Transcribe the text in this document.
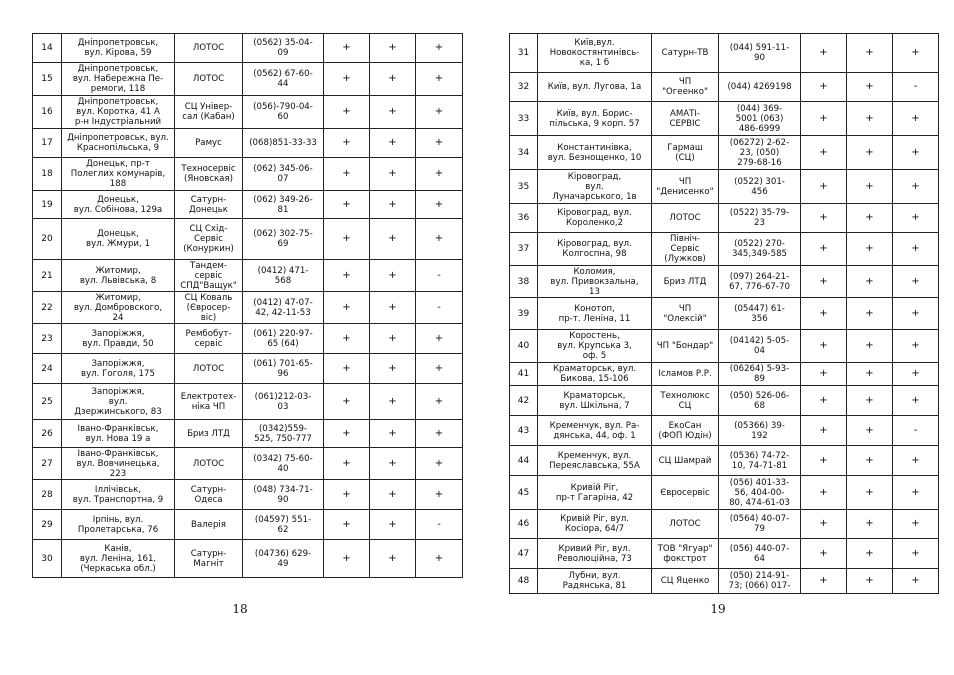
14	Дніпропетровськ,
вул. Кірова, 59	ЛОТОС	(0562) 35-04-
09	+	+	+
15	Дніпропетровськ,
вул. Набережна Пе-
ремоги, 118	ЛОТОС	(0562) 67-60-
44	+	+	+
16	Дніпропетровськ,
вул. Коротка, 41 А
р-н Індустріальний	СЦ Універ-
сал (Кабан)	(056)-790-04-
60	+	+	+
17	Дніпропетровськ, вул.
Краснопільська, 9	Рамус	(068)851-33-33	+	+	+
18	Донецьк, пр-т
Полеглих комунарів,
188	Техносервіс
(Яновская)	(062) 345-06-
07	+	+	+
19	Донецьк,
вул. Собінова, 129а	Сатурн-
Донецьк	(062) 349-26-
81	+	+	+
20	Донецьк,
вул. Жмури, 1	СЦ Схід-
Сервіс
(Конуркин)	(062) 302-75-
69	+	+	+
21	Житомир,
вул. Львівська, 8	Тандем-
сервіс
СПД"Ващук"	(0412) 471-
568	+	+	-
22	Житомир,
вул. Домбровского,
24	СЦ Коваль
(Євросер-
віс)	(0412) 47-07-
42, 42-11-53	+	+	-
23	Запоріжжя,
вул. Правди, 50	Рембобут-
сервіс	(061) 220-97-
65 (64)	+	+	+
24	Запоріжжя,
вул. Гоголя, 175	ЛОТОС	(061) 701-65-
96	+	+	+
25	Запоріжжя,
вул.
Дзержинського, 83	Електротех-
ніка ЧП	(061)212-03-
03	+	+	+
26	Івано-Франківськ,
вул. Нова 19 а	Бриз ЛТД	(0342)559-
525, 750-777	+	+	+
27	Івано-Франківськ,
вул. Вовчинецька,
223	ЛОТОС	(0342) 75-60-
40	+	+	+
28	Іллічівськ,
вул. Транспортна, 9	Сатурн-
Одеса	(048) 734-71-
90	+	+	+
29	Ірпінь, вул.
Пролетарська, 76	Валерія	(04597) 551-
62	+	+	-
30	Канів,
вул. Леніна, 161,
(Черкаська обл.)	Сатурн-
Магніт	(04736) 629-
49	+	+	+
31	Київ,вул.
Новокостянтинівсь-
ка, 1 б	Сатурн-ТВ	(044) 591-11-
90	+	+	+
32	Київ, вул. Лугова, 1а	ЧП
"Огеенко"	(044) 4269198	+	+	-
33	Київ, вул. Борис-
пільська, 9 корп. 57	АМАТІ-
СЕРВІС	(044) 369-
5001 (063)
486-6999	+	+	+
34	Константинівка,
вул. Безнощенко, 10	Гармаш
(СЦ)	(06272) 2-62-
23, (050)
279-68-16	+	+	+
35	Кіровоград,
вул.
Луначарського, 1в	ЧП
"Денисенко"	(0522) 301-
456	+	+	+
36	Кіровоград, вул.
Короленко,2	ЛОТОС	(0522) 35-79-
23	+	+	+
37	Кіровоград, вул.
Колгоспна, 98	Північ-
Сервіс
(Лужков)	(0522) 270-
345,349-585	+	+	+
38	Коломия,
вул. Привокзальна,
13	Бриз ЛТД	(097) 264-21-
67, 776-67-70	+	+	+
39	Конотоп,
пр-т. Леніна, 11	ЧП
"Олексій"	(05447) 61-
356	+	+	+
40	Коростень,
вул. Крупська 3,
оф. 5	ЧП "Бондар"	(04142) 5-05-
04	+	+	+
41	Краматорськ, вул.
Бикова, 15-106	Ісламов Р.Р.	(06264) 5-93-
89	+	+	+
42	Краматорськ,
вул. Шкільна, 7	Технолюкс
СЦ	(050) 526-06-
68	+	+	+
43	Кременчук, вул. Ра-
дянська, 44, оф. 1	ЕкоСан
(ФОП Юдін)	(05366) 39-
192	+	+	-
44	Кременчук, вул.
Переяславська, 55А	СЦ Шамрай	(0536) 74-72-
10, 74-71-81	+	+	+
45	Кривій Ріг,
пр-т Гагаріна, 42	Євросервіс	(056) 401-33-
56, 404-00-
80, 474-61-03	+	+	+
46	Кривій Ріг, вул.
Косіора, 64/7	ЛОТОС	(0564) 40-07-
79	+	+	+
47	Кривий Ріг, вул.
Революційна, 73	ТОВ "Ягуар"
фокстрот	(056) 440-07-
64	+	+	+
48	Лубни, вул.
Радянська, 81	СЦ Яценко	(050) 214-91-
73; (066) 017-	+	+	+
18	19
